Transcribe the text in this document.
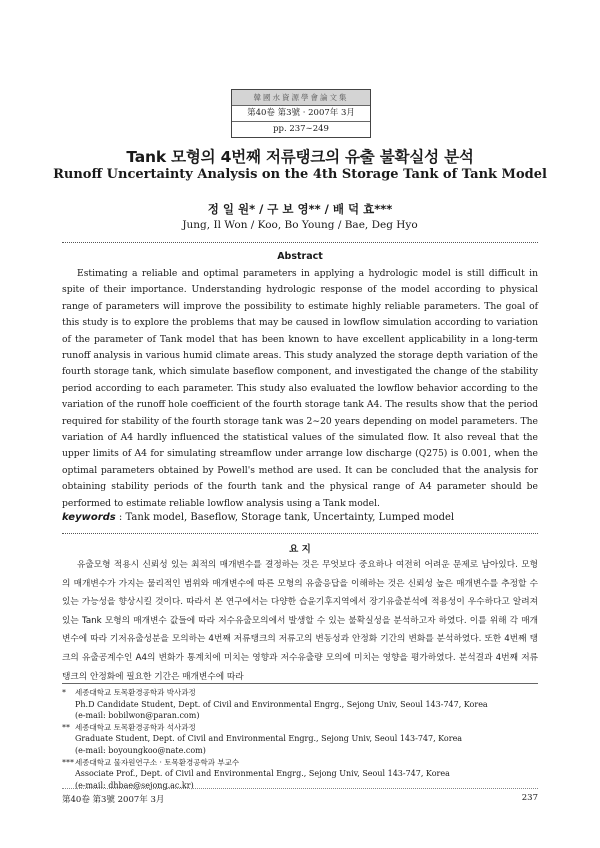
韓國水資源學會論文集
第40卷 第3號 · 2007年 3月
pp. 237∼249
Tank 모형의 4번째 저류탱크의 유출 불확실성 분석
Runoff Uncertainty Analysis on the 4th Storage Tank of Tank Model
정 일 원* / 구 보 영** / 배 덕 효***
Jung, Il Won / Koo, Bo Young / Bae, Deg Hyo
Abstract

Estimating a reliable and optimal parameters in applying a hydrologic model is still difficult in spite of their importance. Understanding hydrologic response of the model according to physical range of parameters will improve the possibility to estimate highly reliable parameters. The goal of this study is to explore the problems that may be caused in lowflow simulation according to variation of the parameter of Tank model that has been known to have excellent applicability in a long-term runoff analysis in various humid climate areas. This study analyzed the storage depth variation of the fourth storage tank, which simulate baseflow component, and investigated the change of the stability period according to each parameter. This study also evaluated the lowflow behavior according to the variation of the runoff hole coefficient of the fourth storage tank A4. The results show that the period required for stability of the fourth storage tank was 2∼20 years depending on model parameters. The variation of A4 hardly influenced the statistical values of the simulated flow. It also reveal that the upper limits of A4 for simulating streamflow under arrange low discharge (Q275) is 0.001, when the optimal parameters obtained by Powell's method are used. It can be concluded that the analysis for obtaining stability periods of the fourth tank and the physical range of A4 parameter should be performed to estimate reliable lowflow analysis using a Tank model.

keywords : Tank model, Baseflow, Storage tank, Uncertainty, Lumped model
요 지

유출모형 적용시 신뢰성 있는 최적의 매개변수를 결정하는 것은 무엇보다 중요하나 여전히 어려운 문제로 남아있다. 모형의 매개변수가 가지는 물리적인 범위와 매개변수에 따른 모형의 유출응답을 이해하는 것은 신뢰성 높은 매개변수를 추정할 수 있는 가능성을 향상시킬 것이다. 따라서 본 연구에서는 다양한 습윤기후지역에서 장기유출분석에 적용성이 우수하다고 알려져 있는 Tank 모형의 매개변수 값들에 따라 저수유출모의에서 발생할 수 있는 불확실성을 분석하고자 하였다. 이를 위해 각 매개변수에 따라 기저유출성분을 모의하는 4번째 저류탱크의 저류고의 변동성과 안정화 기간의 변화를 분석하였다. 또한 4번째 탱크의 유출공계수인 A4의 변화가 통계치에 미치는 영향과 저수유출량 모의에 미치는 영향을 평가하였다. 분석결과 4번째 저류탱크의 안정화에 필요한 기간은 매개변수에 따라

*	세종대학교 토목환경공학과 박사과정
Ph.D Candidate Student, Dept. of Civil and Environmental Engrg., Sejong Univ, Seoul 143-747, Korea
(e-mail: bobilwon@paran.com)
** 세종대학교 토목환경공학과 석사과정
Graduate Student, Dept. of Civil and Environmental Engrg., Sejong Univ, Seoul 143-747, Korea
(e-mail: boyoungkoo@nate.com)
*** 세종대학교 물자원연구소 · 토목환경공학과 부교수
Associate Prof., Dept. of Civil and Environmental Engrg., Sejong Univ, Seoul 143-747, Korea
(e-mail: dhbae@sejong.ac.kr)
第40卷 第3號 2007年 3月	237
